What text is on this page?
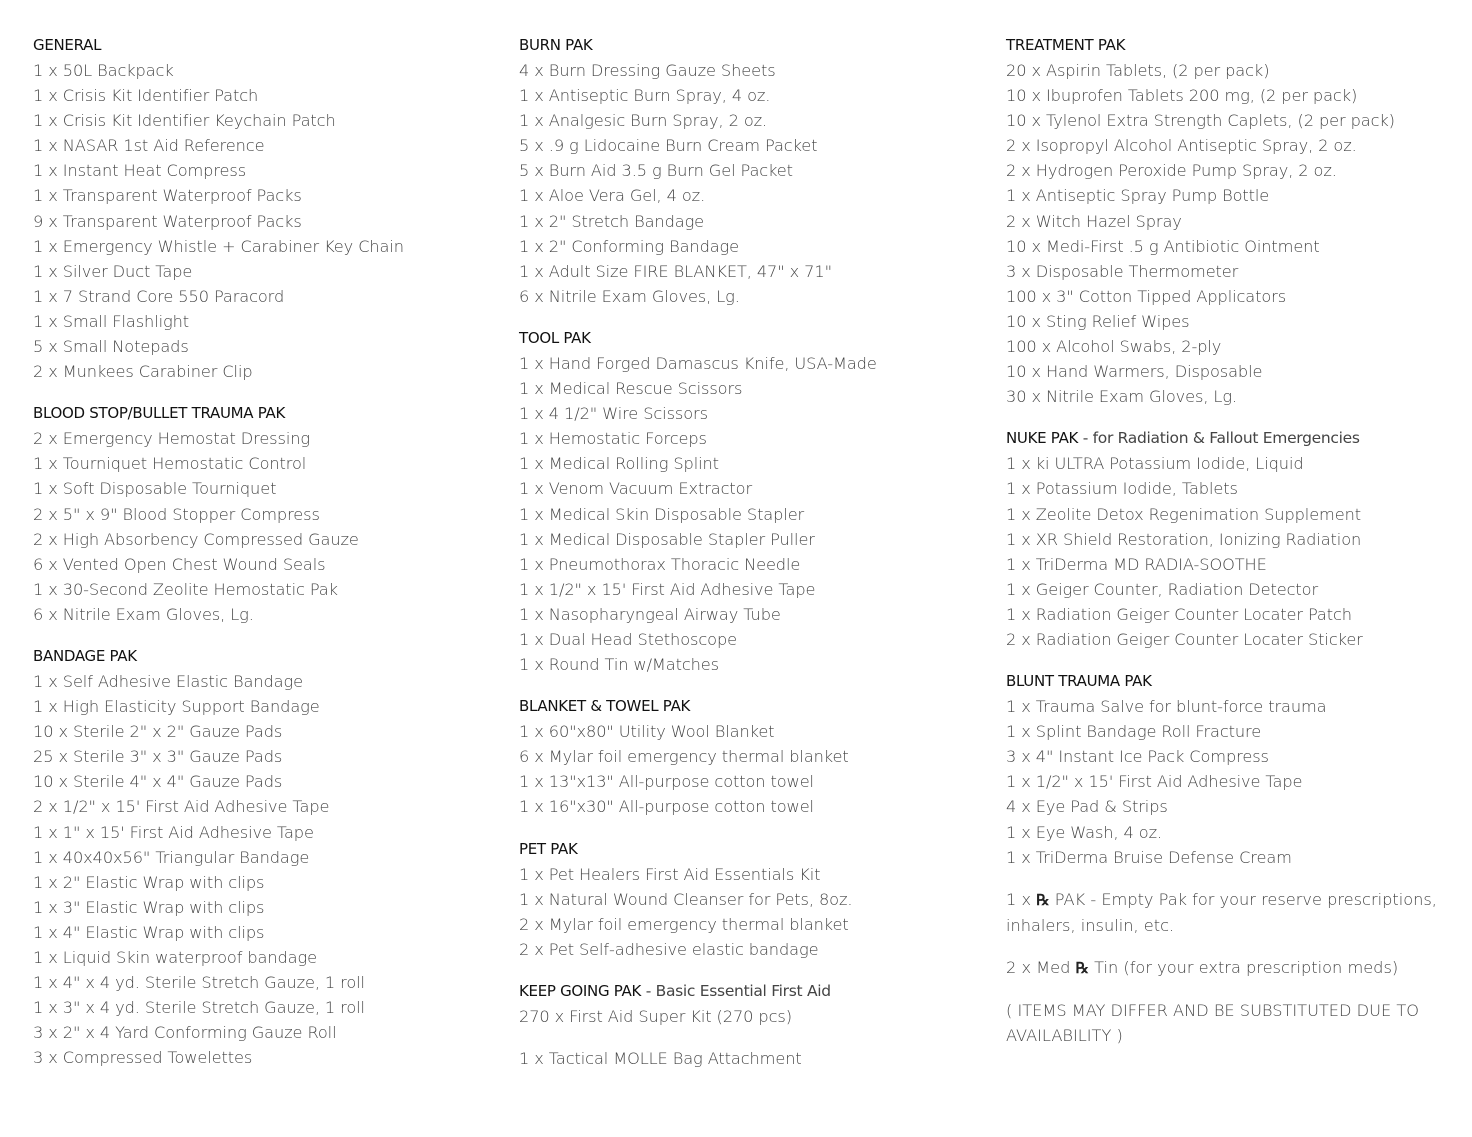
GENERAL
1 x 50L Backpack
1 x Crisis Kit Identifier Patch
1 x Crisis Kit Identifier Keychain Patch
1 x NASAR 1st Aid Reference
1 x Instant Heat Compress
1 x Transparent Waterproof Packs
9 x Transparent Waterproof Packs
1 x Emergency Whistle + Carabiner Key Chain
1 x Silver Duct Tape
1 x 7 Strand Core 550 Paracord
1 x Small Flashlight
5 x Small Notepads
2 x Munkees Carabiner Clip
BLOOD STOP/BULLET TRAUMA PAK
2 x Emergency Hemostat Dressing
1 x Tourniquet Hemostatic Control
1 x Soft Disposable Tourniquet
2 x 5" x 9" Blood Stopper Compress
2 x High Absorbency Compressed Gauze
6 x Vented Open Chest Wound Seals
1 x 30-Second Zeolite Hemostatic Pak
6 x Nitrile Exam Gloves, Lg.
BANDAGE PAK
1 x Self Adhesive Elastic Bandage
1 x High Elasticity Support Bandage
10 x Sterile 2" x 2" Gauze Pads
25 x Sterile 3" x 3" Gauze Pads
10 x Sterile 4" x 4" Gauze Pads
2 x 1/2" x 15' First Aid Adhesive Tape
1 x 1" x 15' First Aid Adhesive Tape
1 x 40x40x56" Triangular Bandage
1 x 2" Elastic Wrap with clips
1 x 3" Elastic Wrap with clips
1 x 4" Elastic Wrap with clips
1 x Liquid Skin waterproof bandage
1 x 4" x 4 yd. Sterile Stretch Gauze, 1 roll
1 x 3" x 4 yd. Sterile Stretch Gauze, 1 roll
3 x 2" x 4 Yard Conforming Gauze Roll
3 x Compressed Towelettes
BURN PAK
4 x Burn Dressing Gauze Sheets
1 x Antiseptic Burn Spray, 4 oz.
1 x Analgesic Burn Spray, 2 oz.
5 x .9 g Lidocaine Burn Cream Packet
5 x Burn Aid 3.5 g Burn Gel Packet
1 x Aloe Vera Gel, 4 oz.
1 x 2" Stretch Bandage
1 x 2" Conforming Bandage
1 x Adult Size FIRE BLANKET, 47" x 71"
6 x Nitrile Exam Gloves, Lg.
TOOL PAK
1 x Hand Forged Damascus Knife, USA-Made
1 x Medical Rescue Scissors
1 x 4 1/2" Wire Scissors
1 x Hemostatic Forceps
1 x Medical Rolling Splint
1 x Venom Vacuum Extractor
1 x Medical Skin Disposable Stapler
1 x Medical Disposable Stapler Puller
1 x Pneumothorax Thoracic Needle
1 x 1/2" x 15' First Aid Adhesive Tape
1 x Nasopharyngeal Airway Tube
1 x Dual Head Stethoscope
1 x Round Tin w/Matches
BLANKET & TOWEL PAK
1 x 60"x80" Utility Wool Blanket
6 x Mylar foil emergency thermal blanket
1 x 13"x13" All-purpose cotton towel
1 x 16"x30" All-purpose cotton towel
PET PAK
1 x Pet Healers First Aid Essentials Kit
1 x Natural Wound Cleanser for Pets, 8oz.
2 x Mylar foil emergency thermal blanket
2 x Pet Self-adhesive elastic bandage
KEEP GOING PAK - Basic Essential First Aid
270 x First Aid Super Kit (270 pcs)
1 x Tactical MOLLE Bag Attachment
TREATMENT PAK
20 x Aspirin Tablets, (2 per pack)
10 x Ibuprofen Tablets 200 mg, (2 per pack)
10 x Tylenol Extra Strength Caplets, (2 per pack)
2 x Isopropyl Alcohol Antiseptic Spray, 2 oz.
2 x Hydrogen Peroxide Pump Spray, 2 oz.
1 x Antiseptic Spray Pump Bottle
2 x Witch Hazel Spray
10 x Medi-First .5 g Antibiotic Ointment
3 x Disposable Thermometer
100 x 3" Cotton Tipped Applicators
10 x Sting Relief Wipes
100 x Alcohol Swabs, 2-ply
10 x Hand Warmers, Disposable
30 x Nitrile Exam Gloves, Lg.
NUKE PAK - for Radiation & Fallout Emergencies
1 x ki ULTRA Potassium Iodide, Liquid
1 x Potassium Iodide, Tablets
1 x Zeolite Detox Regenimation Supplement
1 x XR Shield Restoration, Ionizing Radiation
1 x TriDerma MD RADIA-SOOTHE
1 x Geiger Counter, Radiation Detector
1 x Radiation Geiger Counter Locater Patch
2 x Radiation Geiger Counter Locater Sticker
BLUNT TRAUMA PAK
1 x Trauma Salve for blunt-force trauma
1 x Splint Bandage Roll Fracture
3 x 4" Instant Ice Pack Compress
1 x 1/2" x 15' First Aid Adhesive Tape
4 x Eye Pad & Strips
1 x Eye Wash, 4 oz.
1 x TriDerma Bruise Defense Cream
1 x ℞ PAK - Empty Pak for your reserve prescriptions,
inhalers, insulin, etc.
2 x Med ℞ Tin (for your extra prescription meds)
( ITEMS MAY DIFFER AND BE SUBSTITUTED DUE TO AVAILABILITY )
